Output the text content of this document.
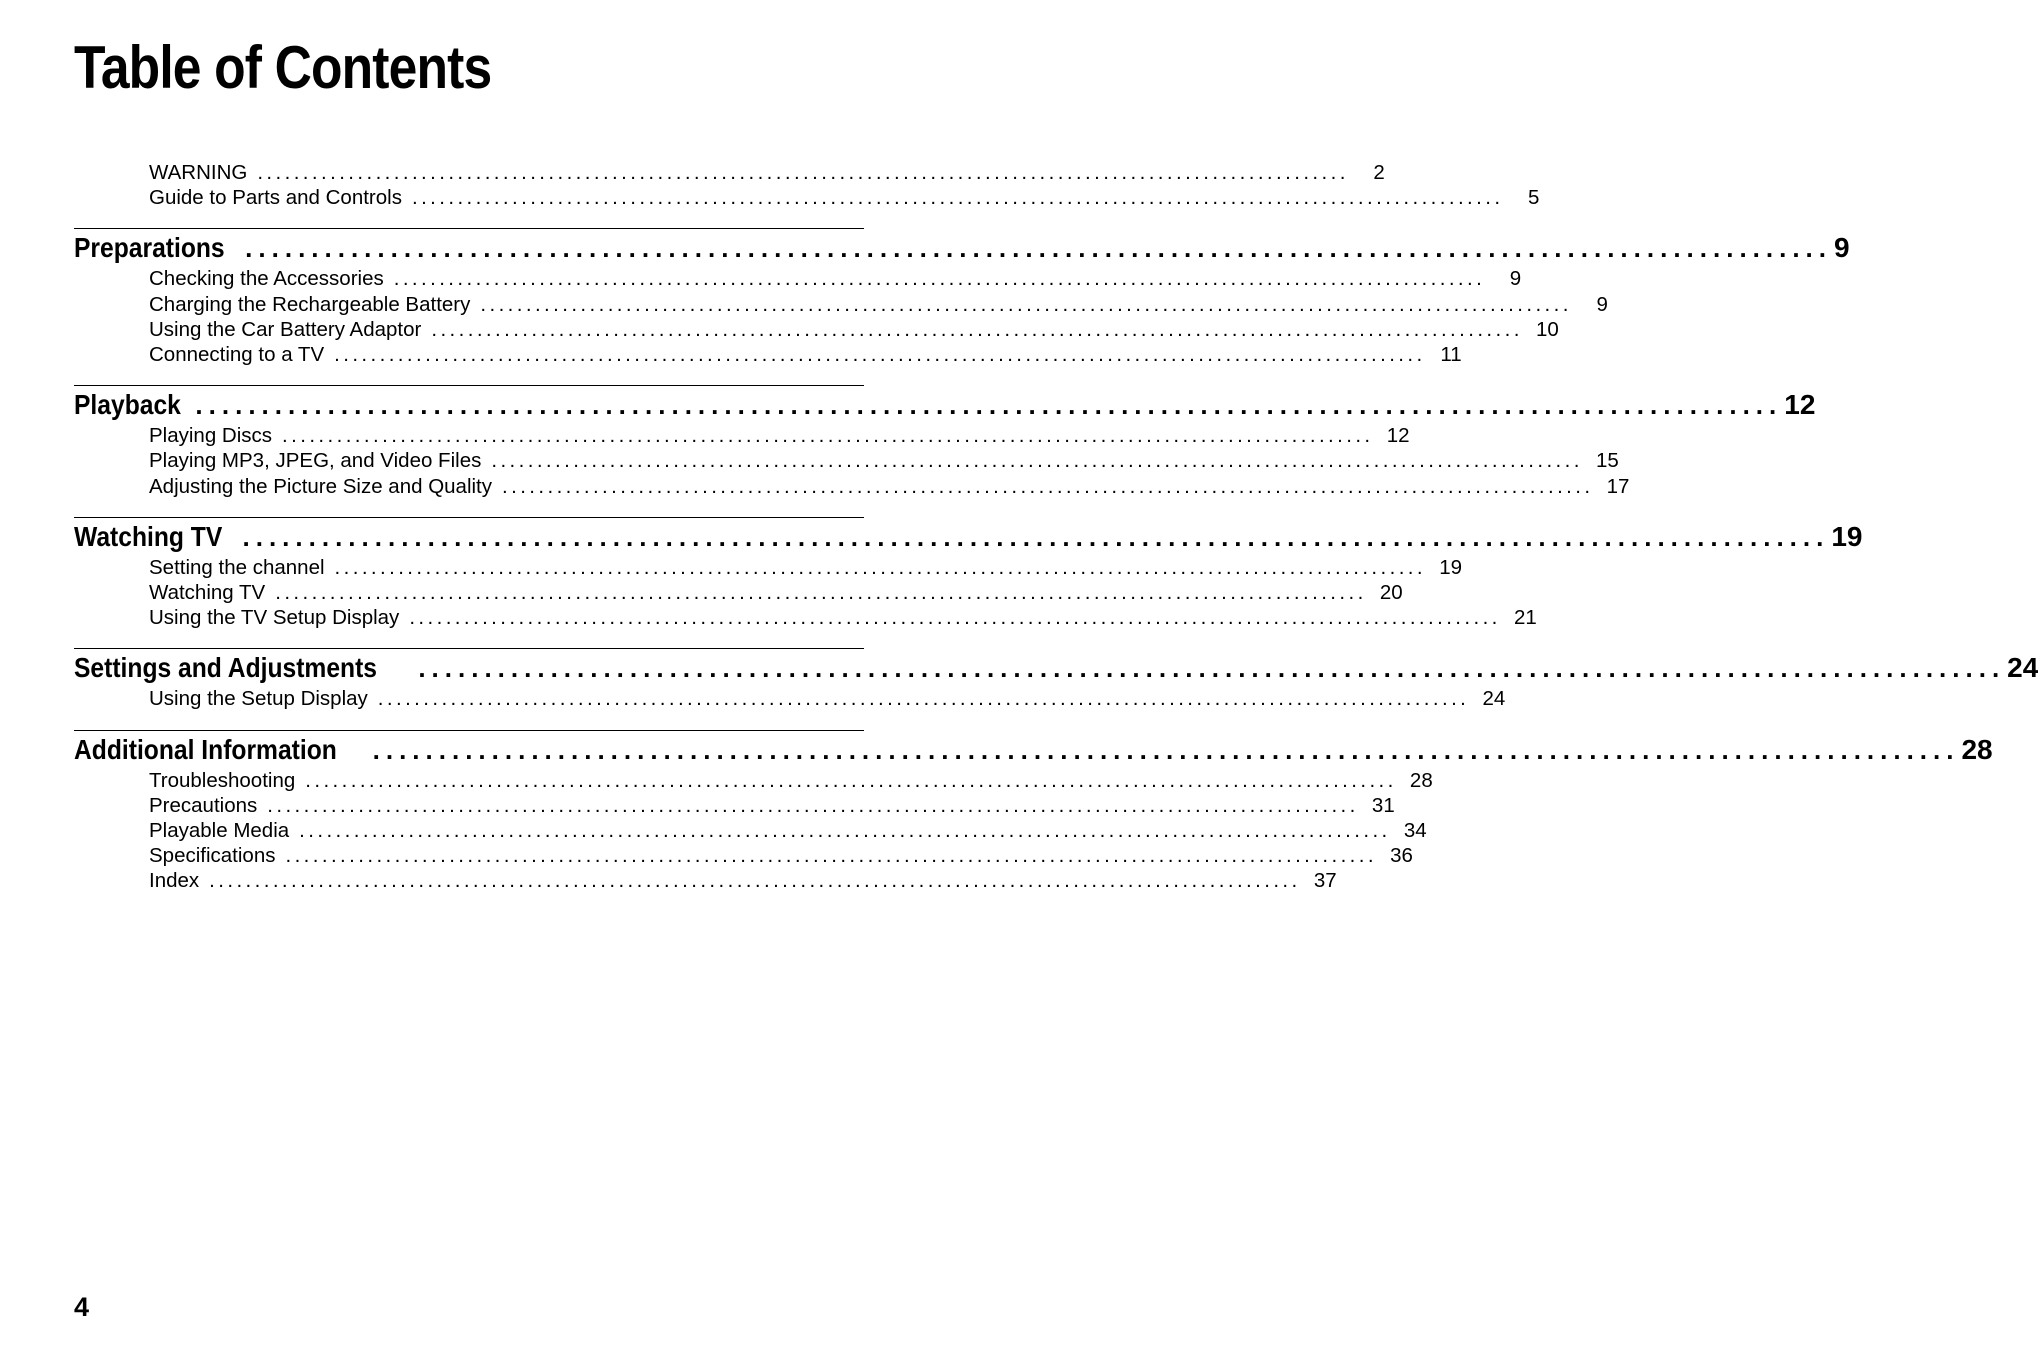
Table of Contents
WARNING ........................................................................................................................	2
Guide to Parts and Controls ........................................................................................................................	5
Preparations ........................................................................................................................ 9
Checking the Accessories ........................................................................................................................	9
Charging the Rechargeable Battery ........................................................................................................................	9
Using the Car Battery Adaptor ........................................................................................................................ 10
Connecting to a TV ........................................................................................................................ 11
Playback ........................................................................................................................ 12
Playing Discs ........................................................................................................................ 12
Playing MP3, JPEG, and Video Files ........................................................................................................................ 15
Adjusting the Picture Size and Quality ........................................................................................................................ 17
Watching TV ........................................................................................................................ 19
Setting the channel ........................................................................................................................ 19
Watching TV ........................................................................................................................ 20
Using the TV Setup Display ........................................................................................................................ 21
Settings and Adjustments ........................................................................................................................ 24
Using the Setup Display ........................................................................................................................ 24
Additional Information ........................................................................................................................ 28
Troubleshooting ........................................................................................................................ 28
Precautions ........................................................................................................................ 31
Playable Media ........................................................................................................................ 34
Specifications ........................................................................................................................ 36
Index ........................................................................................................................ 37
4
